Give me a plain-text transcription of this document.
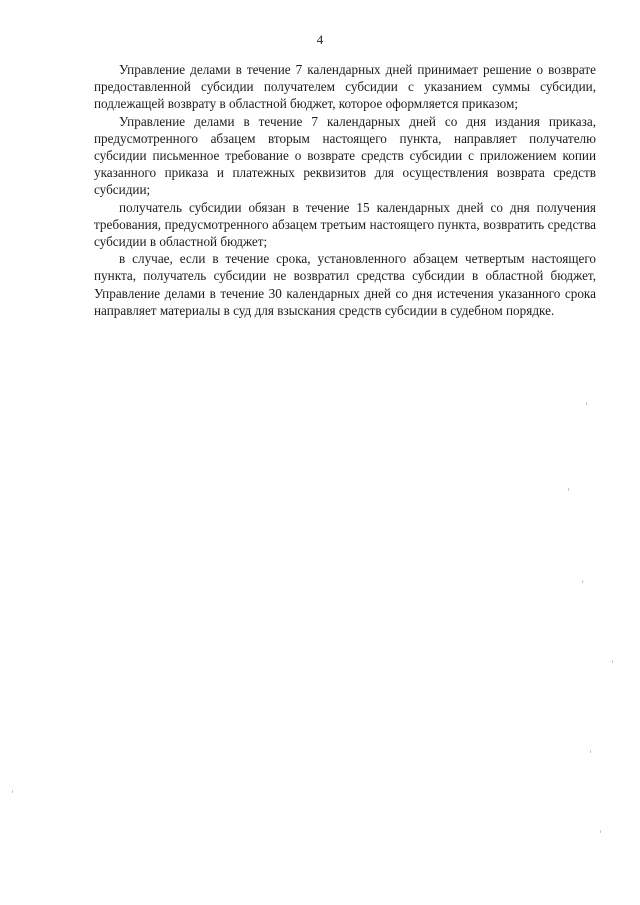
4

Управление делами в течение 7 календарных дней принимает решение о возврате предоставленной субсидии получателем субсидии с указанием суммы субсидии, подлежащей возврату в областной бюджет, которое оформляется приказом;

Управление делами в течение 7 календарных дней со дня издания приказа, предусмотренного абзацем вторым настоящего пункта, направляет получателю субсидии письменное требование о возврате средств субсидии с приложением копии указанного приказа и платежных реквизитов для осуществления возврата средств субсидии;

получатель субсидии обязан в течение 15 календарных дней со дня получения требования, предусмотренного абзацем третьим настоящего пункта, возвратить средства субсидии в областной бюджет;

в случае, если в течение срока, установленного абзацем четвертым настоящего пункта, получатель субсидии не возвратил средства субсидии в областной бюджет, Управление делами в течение 30 календарных дней со дня истечения указанного срока направляет материалы в суд для взыскания средств субсидии в судебном порядке.
